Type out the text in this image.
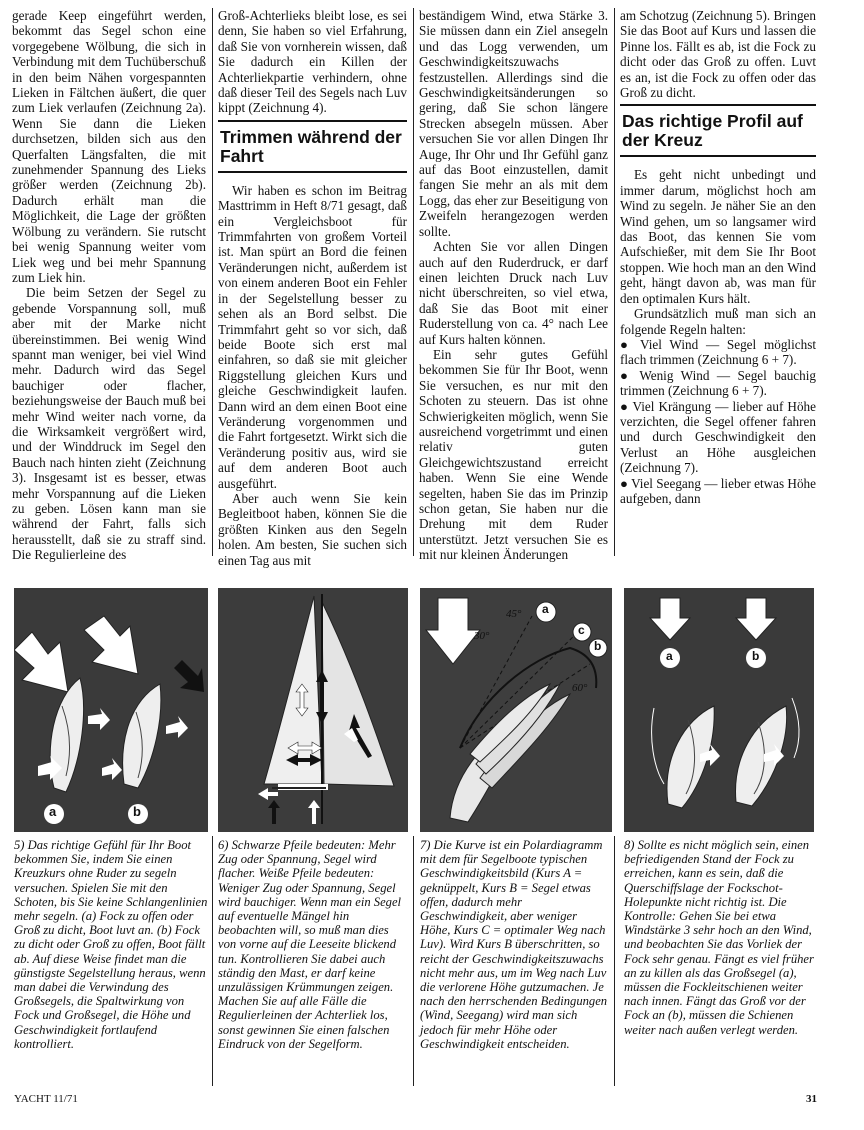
gerade Keep eingeführt werden, bekommt das Segel schon eine vorgegebene Wölbung, die sich in Verbindung mit dem Tuchüberschuß in den beim Nähen vorgespannten Lieken in Fältchen äußert, die quer zum Liek verlaufen (Zeichnung 2a). Wenn Sie dann die Lieken durchsetzen, bilden sich aus den Querfalten Längsfalten, die mit zunehmender Spannung des Lieks größer werden (Zeichnung 2b). Dadurch erhält man die Möglichkeit, die Lage der größten Wölbung zu verändern. Sie rutscht bei wenig Spannung weiter vom Liek weg und bei mehr Spannung zum Liek hin.

Die beim Setzen der Segel zu gebende Vorspannung soll, muß aber mit der Marke nicht übereinstimmen. Bei wenig Wind spannt man weniger, bei viel Wind mehr. Dadurch wird das Segel bauchiger oder flacher, beziehungsweise der Bauch muß bei mehr Wind weiter nach vorne, da die Wirksamkeit vergrößert wird, und der Winddruck im Segel den Bauch nach hinten zieht (Zeichnung 3). Insgesamt ist es besser, etwas mehr Vorspannung auf die Lieken zu geben. Lösen kann man sie während der Fahrt, falls sich herausstellt, daß sie zu straff sind. Die Regulierleine des

Groß-Achterlieks bleibt lose, es sei denn, Sie haben so viel Erfahrung, daß Sie von vornherein wissen, daß Sie dadurch ein Killen der Achterliekpartie verhindern, ohne daß dieser Teil des Segels nach Luv kippt (Zeichnung 4).

Trimmen während der Fahrt

Wir haben es schon im Beitrag Masttrimm in Heft 8/71 gesagt, daß ein Vergleichsboot für Trimmfahrten von großem Vorteil ist. Man spürt an Bord die feinen Veränderungen nicht, außerdem ist von einem anderen Boot ein Fehler in der Segelstellung besser zu sehen als an Bord selbst. Die Trimmfahrt geht so vor sich, daß beide Boote sich erst mal einfahren, so daß sie mit gleicher Riggstellung gleichen Kurs und gleiche Geschwindigkeit laufen. Dann wird an dem einen Boot eine Veränderung vorgenommen und die Fahrt fortgesetzt. Wirkt sich die Veränderung positiv aus, wird sie auf dem anderen Boot auch ausgeführt.

Aber auch wenn Sie kein Begleitboot haben, können Sie die größten Kinken aus den Segeln holen. Am besten, Sie suchen sich einen Tag aus mit

beständigem Wind, etwa Stärke 3. Sie müssen dann ein Ziel ansegeln und das Logg verwenden, um Geschwindigkeitszuwachs festzustellen. Allerdings sind die Geschwindigkeitsänderungen so gering, daß Sie schon längere Strecken absegeln müssen. Aber versuchen Sie vor allen Dingen Ihr Auge, Ihr Ohr und Ihr Gefühl ganz auf das Boot einzustellen, damit fangen Sie mehr an als mit dem Logg, das eher zur Beseitigung von Zweifeln herangezogen werden sollte.

Achten Sie vor allen Dingen auch auf den Ruderdruck, er darf einen leichten Druck nach Luv nicht überschreiten, so viel etwa, daß Sie das Boot mit einer Ruderstellung von ca. 4° nach Lee auf Kurs halten können.

Ein sehr gutes Gefühl bekommen Sie für Ihr Boot, wenn Sie versuchen, es nur mit den Schoten zu steuern. Das ist ohne Schwierigkeiten möglich, wenn Sie ausreichend vorgetrimmt und einen relativ guten Gleichgewichtszustand erreicht haben. Wenn Sie eine Wende segelten, haben Sie das im Prinzip schon getan, Sie haben nur die Drehung mit dem Ruder unterstützt. Jetzt versuchen Sie es mit nur kleinen Änderungen

am Schotzug (Zeichnung 5). Bringen Sie das Boot auf Kurs und lassen die Pinne los. Fällt es ab, ist die Fock zu dicht oder das Groß zu offen. Luvt es an, ist die Fock zu offen oder das Groß zu dicht.

Das richtige Profil auf der Kreuz

Es geht nicht unbedingt und immer darum, möglichst hoch am Wind zu segeln. Je näher Sie an den Wind gehen, um so langsamer wird das Boot, das kennen Sie vom Aufschießer, mit dem Sie Ihr Boot stoppen. Wie hoch man an den Wind geht, hängt davon ab, was man für den optimalen Kurs hält.

Grundsätzlich muß man sich an folgende Regeln halten:

● Viel Wind — Segel möglichst flach trimmen (Zeichnung 6 + 7).

● Wenig Wind — Segel bauchig trimmen (Zeichnung 6 + 7).

● Viel Krängung — lieber auf Höhe verzichten, die Segel offener fahren und durch Geschwindigkeit den Verlust an Höhe ausgleichen (Zeichnung 7).

● Viel Seegang — lieber etwas Höhe aufgeben, dann

a	b
a
c
b
45°
30°
60°
a	b
5) Das richtige Gefühl für Ihr Boot bekommen Sie, indem Sie einen Kreuzkurs ohne Ruder zu segeln versuchen. Spielen Sie mit den Schoten, bis Sie keine Schlangenlinien mehr segeln. (a) Fock zu offen oder Groß zu dicht, Boot luvt an. (b) Fock zu dicht oder Groß zu offen, Boot fällt ab. Auf diese Weise findet man die günstigste Segelstellung heraus, wenn man dabei die Verwindung des Großsegels, die Spaltwirkung von Fock und Großsegel, die Höhe und Geschwindigkeit fortlaufend kontrolliert.
6) Schwarze Pfeile bedeuten: Mehr Zug oder Spannung, Segel wird flacher. Weiße Pfeile bedeuten: Weniger Zug oder Spannung, Segel wird bauchiger. Wenn man ein Segel auf eventuelle Mängel hin beobachten will, so muß man dies von vorne auf die Leeseite blickend tun. Kontrollieren Sie dabei auch ständig den Mast, er darf keine unzulässigen Krümmungen zeigen. Machen Sie auf alle Fälle die Regulierleinen der Achterliek los, sonst gewinnen Sie einen falschen Eindruck von der Segelform.
7) Die Kurve ist ein Polardiagramm mit dem für Segelboote typischen Geschwindigkeitsbild (Kurs A = geknüppelt, Kurs B = Segel etwas offen, dadurch mehr Geschwindigkeit, aber weniger Höhe, Kurs C = optimaler Weg nach Luv). Wird Kurs B überschritten, so reicht der Geschwindigkeitszuwachs nicht mehr aus, um im Weg nach Luv die verlorene Höhe gutzumachen. Je nach den herrschenden Bedingungen (Wind, Seegang) wird man sich jedoch für mehr Höhe oder Geschwindigkeit entscheiden.
8) Sollte es nicht möglich sein, einen befriedigenden Stand der Fock zu erreichen, kann es sein, daß die Querschiffslage der Fockschot-Holepunkte nicht richtig ist. Die Kontrolle: Gehen Sie bei etwa Windstärke 3 sehr hoch an den Wind, und beobachten Sie das Vorliek der Fock sehr genau. Fängt es viel früher an zu killen als das Großsegel (a), müssen die Fockleitschienen weiter nach innen. Fängt das Groß vor der Fock an (b), müssen die Schienen weiter nach außen verlegt werden.
YACHT 11/71	31
